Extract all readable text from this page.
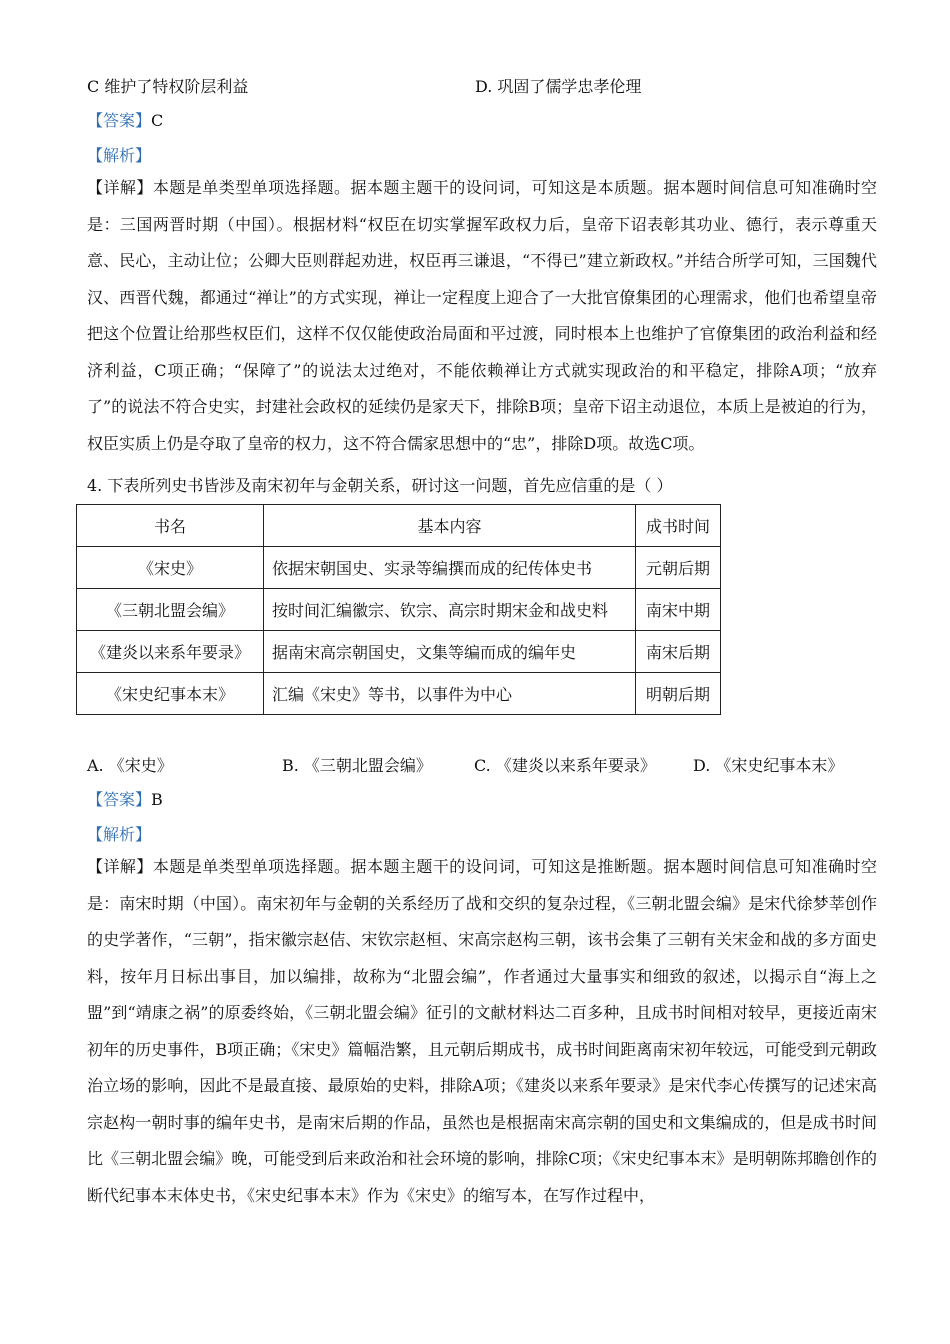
C 维护了特权阶层利益	D. 巩固了儒学忠孝伦理
【答案】C
【解析】
【详解】本题是单类型单项选择题。据本题主题干的设问词，可知这是本质题。据本题时间信息可知准确时空是：三国两晋时期（中国）。根据材料“权臣在切实掌握军政权力后，皇帝下诏表彰其功业、德行，表示尊重天意、民心，主动让位；公卿大臣则群起劝进，权臣再三谦退，“不得已”建立新政权。”并结合所学可知，三国魏代汉、西晋代魏，都通过“禅让”的方式实现，禅让一定程度上迎合了一大批官僚集团的心理需求，他们也希望皇帝把这个位置让给那些权臣们，这样不仅仅能使政治局面和平过渡，同时根本上也维护了官僚集团的政治利益和经济利益，C项正确；“保障了”的说法太过绝对，不能依赖禅让方式就实现政治的和平稳定，排除A项；“放弃了”的说法不符合史实，封建社会政权的延续仍是家天下，排除B项；皇帝下诏主动退位，本质上是被迫的行为，权臣实质上仍是夺取了皇帝的权力，这不符合儒家思想中的“忠”，排除D项。故选C项。
4. 下表所列史书皆涉及南宋初年与金朝关系，研讨这一问题，首先应信重的是（ ）
书名	基本内容	成书时间
《宋史》	依据宋朝国史、实录等编撰而成的纪传体史书	元朝后期
《三朝北盟会编》	按时间汇编徽宗、钦宗、高宗时期宋金和战史料	南宋中期
《建炎以来系年要录》	据南宋高宗朝国史，文集等编而成的编年史	南宋后期
《宋史纪事本末》	汇编《宋史》等书，以事件为中心	明朝后期
A. 《宋史》	B. 《三朝北盟会编》	C. 《建炎以来系年要录》 D. 《宋史纪事本末》
【答案】B
【解析】
【详解】本题是单类型单项选择题。据本题主题干的设问词，可知这是推断题。据本题时间信息可知准确时空是：南宋时期（中国）。南宋初年与金朝的关系经历了战和交织的复杂过程，《三朝北盟会编》是宋代徐梦莘创作的史学著作，“三朝”，指宋徽宗赵佶、宋钦宗赵桓、宋高宗赵构三朝，该书会集了三朝有关宋金和战的多方面史料，按年月日标出事目，加以编排，故称为“北盟会编”，作者通过大量事实和细致的叙述，以揭示自“海上之盟”到“靖康之祸”的原委终始，《三朝北盟会编》征引的文献材料达二百多种，且成书时间相对较早，更接近南宋初年的历史事件，B项正确；《宋史》篇幅浩繁，且元朝后期成书，成书时间距离南宋初年较远，可能受到元朝政治立场的影响，因此不是最直接、最原始的史料，排除A项；《建炎以来系年要录》是宋代李心传撰写的记述宋高宗赵构一朝时事的编年史书，是南宋后期的作品，虽然也是根据南宋高宗朝的国史和文集编成的，但是成书时间比《三朝北盟会编》晚，可能受到后来政治和社会环境的影响，排除C项；《宋史纪事本末》是明朝陈邦瞻创作的断代纪事本末体史书，《宋史纪事本末》作为《宋史》的缩写本，在写作过程中，
